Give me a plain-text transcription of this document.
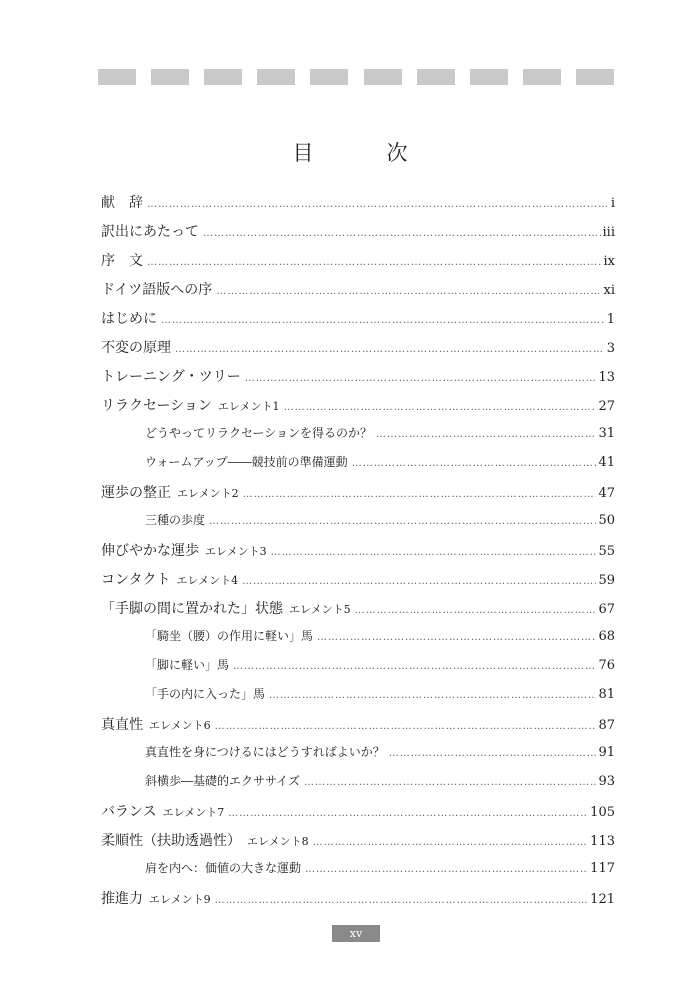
目　次
献　辞 ……………………………………………………………………………………………………………………………………………………………………………………	i
訳出にあたって ……………………………………………………………………………………………………………………………………………………………………………………	iii
序　文 ……………………………………………………………………………………………………………………………………………………………………………………	ix
ドイツ語版への序 ……………………………………………………………………………………………………………………………………………………………………………………	xi
はじめに ……………………………………………………………………………………………………………………………………………………………………………………	1
不変の原理 ……………………………………………………………………………………………………………………………………………………………………………………	3
トレーニング・ツリー ……………………………………………………………………………………………………………………………………………………………………………………	13
リラクセーション エレメント1 ……………………………………………………………………………………………………………………………………………………………………………………	27
どうやってリラクセーションを得るのか？ ……………………………………………………………………………………………………………………………………………………………………………………	31
ウォームアップ――競技前の準備運動 ……………………………………………………………………………………………………………………………………………………………………………………	41
運歩の整正 エレメント2 ……………………………………………………………………………………………………………………………………………………………………………………	47
三種の歩度 ……………………………………………………………………………………………………………………………………………………………………………………	50
伸びやかな運歩 エレメント3 ……………………………………………………………………………………………………………………………………………………………………………………	55
コンタクト エレメント4 ……………………………………………………………………………………………………………………………………………………………………………………	59
「手脚の間に置かれた」状態 エレメント5 ……………………………………………………………………………………………………………………………………………………………………………………	67
「騎坐（腰）の作用に軽い」馬 ……………………………………………………………………………………………………………………………………………………………………………………	68
「脚に軽い」馬 ……………………………………………………………………………………………………………………………………………………………………………………	76
「手の内に入った」馬 ……………………………………………………………………………………………………………………………………………………………………………………	81
真直性 エレメント6 ……………………………………………………………………………………………………………………………………………………………………………………	87
真直性を身につけるにはどうすればよいか？ ……………………………………………………………………………………………………………………………………………………………………………………	91
斜横歩―基礎的エクササイズ ……………………………………………………………………………………………………………………………………………………………………………………	93
バランス エレメント7 ……………………………………………………………………………………………………………………………………………………………………………………	105
柔順性（扶助透過性） エレメント8 ……………………………………………………………………………………………………………………………………………………………………………………	113
肩を内へ：価値の大きな運動 ……………………………………………………………………………………………………………………………………………………………………………………	117
推進力 エレメント9 ……………………………………………………………………………………………………………………………………………………………………………………	121
xv
